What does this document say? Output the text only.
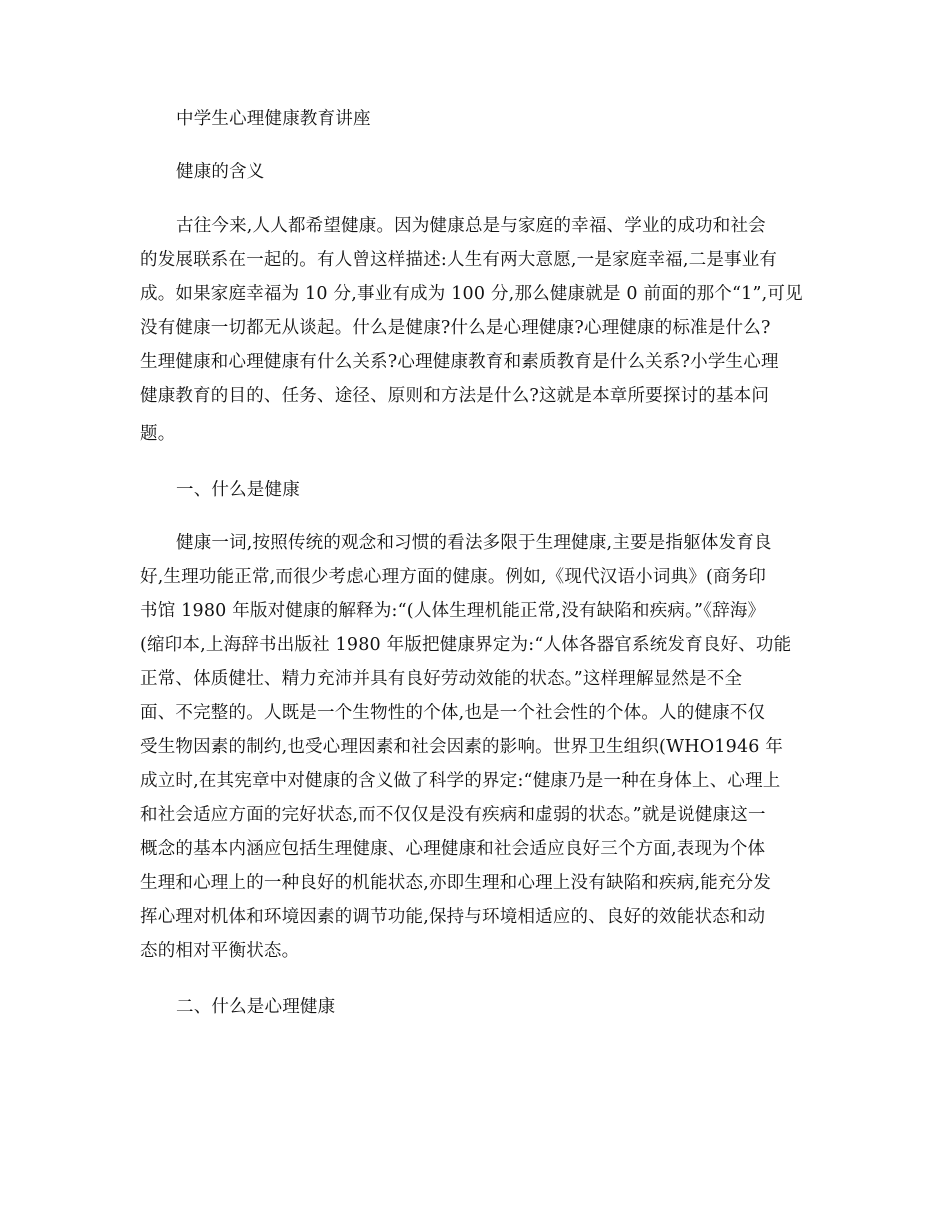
中学生心理健康教育讲座
健康的含义
古往今来,人人都希望健康。因为健康总是与家庭的幸福、学业的成功和社会
的发展联系在一起的。有人曾这样描述:人生有两大意愿,一是家庭幸福,二是事业有
成。如果家庭幸福为 10 分,事业有成为 100 分,那么健康就是 0 前面的那个“1”,可见
没有健康一切都无从谈起。什么是健康?什么是心理健康?心理健康的标准是什么?
生理健康和心理健康有什么关系?心理健康教育和素质教育是什么关系?小学生心理
健康教育的目的、任务、途径、原则和方法是什么?这就是本章所要探讨的基本问
题。
一、什么是健康
健康一词,按照传统的观念和习惯的看法多限于生理健康,主要是指躯体发育良
好,生理功能正常,而很少考虑心理方面的健康。例如,《现代汉语小词典》(商务印
书馆 1980 年版对健康的解释为:“(人体生理机能正常,没有缺陷和疾病。”《辞海》
(缩印本,上海辞书出版社 1980 年版把健康界定为:“人体各器官系统发育良好、功能
正常、体质健壮、精力充沛并具有良好劳动效能的状态。”这样理解显然是不全
面、不完整的。人既是一个生物性的个体,也是一个社会性的个体。人的健康不仅
受生物因素的制约,也受心理因素和社会因素的影响。世界卫生组织(WHO1946 年
成立时,在其宪章中对健康的含义做了科学的界定:“健康乃是一种在身体上、心理上
和社会适应方面的完好状态,而不仅仅是没有疾病和虚弱的状态。”就是说健康这一
概念的基本内涵应包括生理健康、心理健康和社会适应良好三个方面,表现为个体
生理和心理上的一种良好的机能状态,亦即生理和心理上没有缺陷和疾病,能充分发
挥心理对机体和环境因素的调节功能,保持与环境相适应的、良好的效能状态和动
态的相对平衡状态。
二、什么是心理健康
